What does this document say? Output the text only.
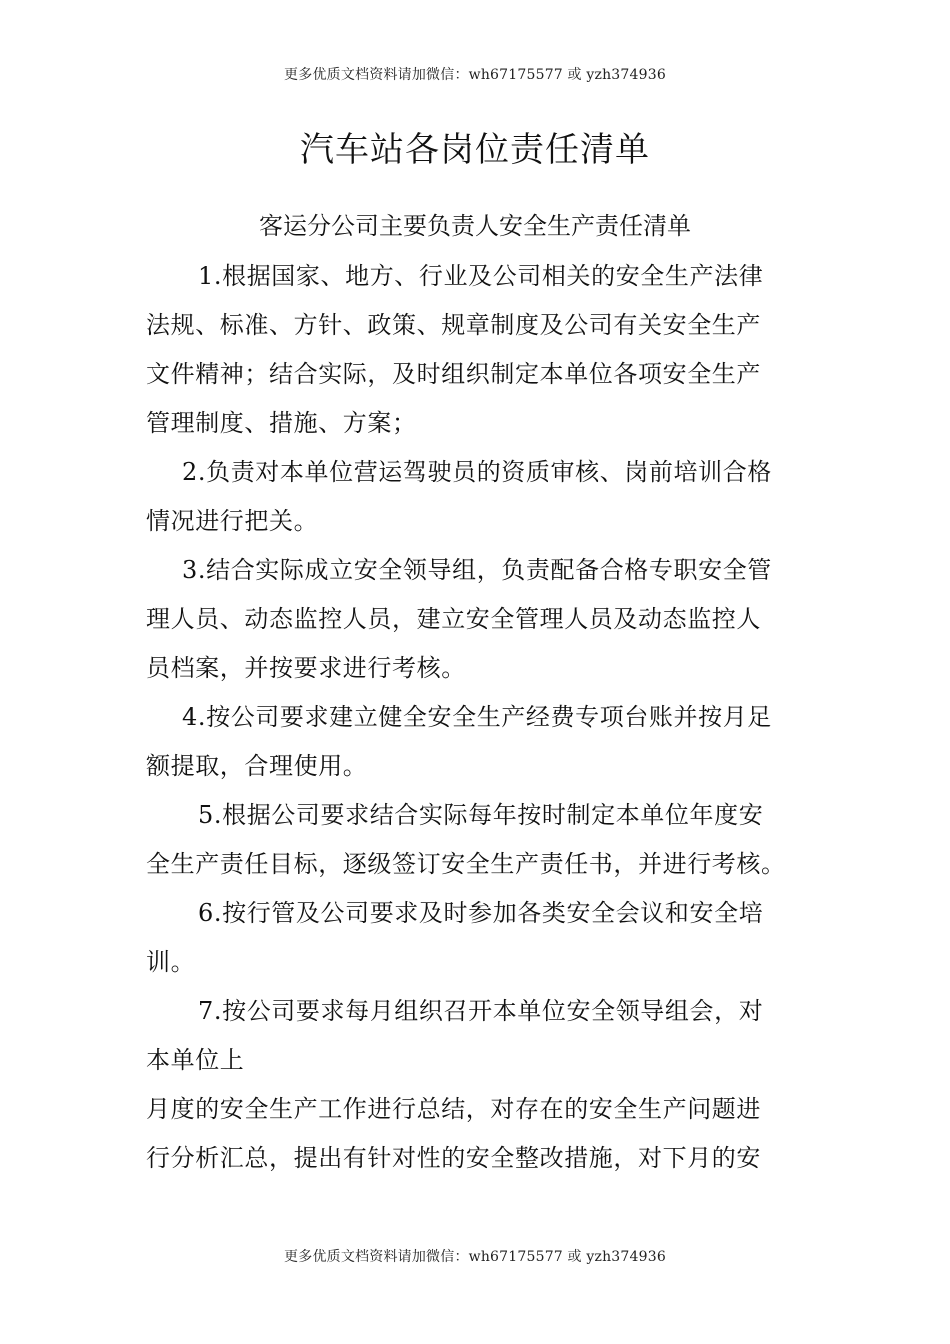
更多优质文档资料请加微信：wh67175577 或 yzh374936
汽车站各岗位责任清单
客运分公司主要负责人安全生产责任清单

1.根据国家、地方、行业及公司相关的安全生产法律
法规、标准、方针、政策、规章制度及公司有关安全生产
文件精神；结合实际，及时组织制定本单位各项安全生产
管理制度、措施、方案；

2.负责对本单位营运驾驶员的资质审核、岗前培训合格
情况进行把关。

3.结合实际成立安全领导组，负责配备合格专职安全管
理人员、动态监控人员，建立安全管理人员及动态监控人
员档案，并按要求进行考核。

4.按公司要求建立健全安全生产经费专项台账并按月足
额提取，合理使用。

5.根据公司要求结合实际每年按时制定本单位年度安
全生产责任目标，逐级签订安全生产责任书，并进行考核。

6.按行管及公司要求及时参加各类安全会议和安全培
训。

7.按公司要求每月组织召开本单位安全领导组会，对
本单位上
月度的安全生产工作进行总结，对存在的安全生产问题进
行分析汇总，提出有针对性的安全整改措施，对下月的安

更多优质文档资料请加微信：wh67175577 或 yzh374936
